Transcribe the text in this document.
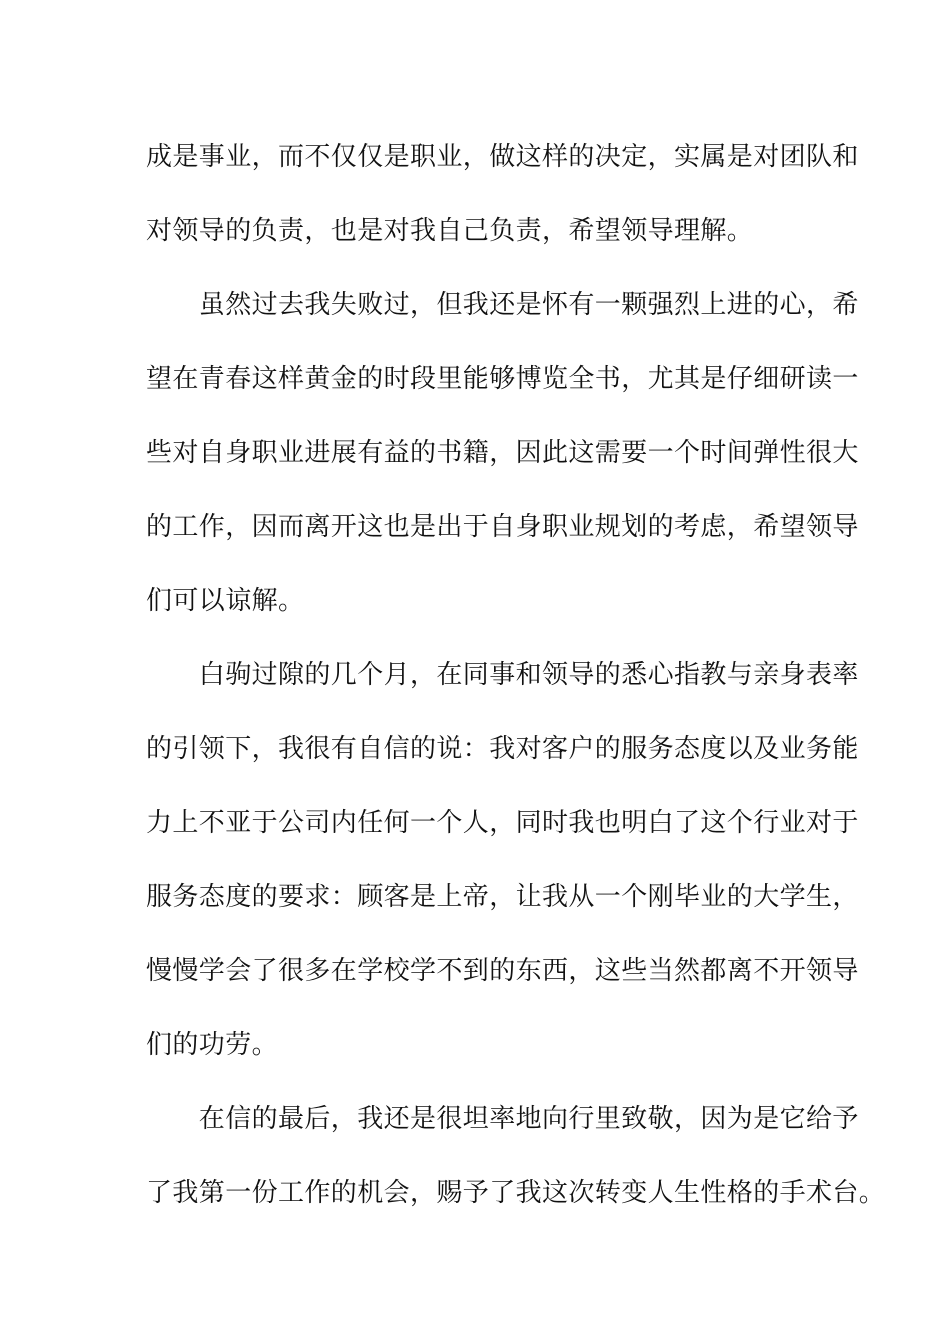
成是事业，而不仅仅是职业，做这样的决定，实属是对团队和
对领导的负责，也是对我自己负责，希望领导理解。
　　虽然过去我失败过，但我还是怀有一颗强烈上进的心，希
望在青春这样黄金的时段里能够博览全书，尤其是仔细研读一
些对自身职业进展有益的书籍，因此这需要一个时间弹性很大
的工作，因而离开这也是出于自身职业规划的考虑，希望领导
们可以谅解。
　　白驹过隙的几个月，在同事和领导的悉心指教与亲身表率
的引领下，我很有自信的说：我对客户的服务态度以及业务能
力上不亚于公司内任何一个人，同时我也明白了这个行业对于
服务态度的要求：顾客是上帝，让我从一个刚毕业的大学生，
慢慢学会了很多在学校学不到的东西，这些当然都离不开领导
们的功劳。
　　在信的最后，我还是很坦率地向行里致敬，因为是它给予
了我第一份工作的机会，赐予了我这次转变人生性格的手术台。
